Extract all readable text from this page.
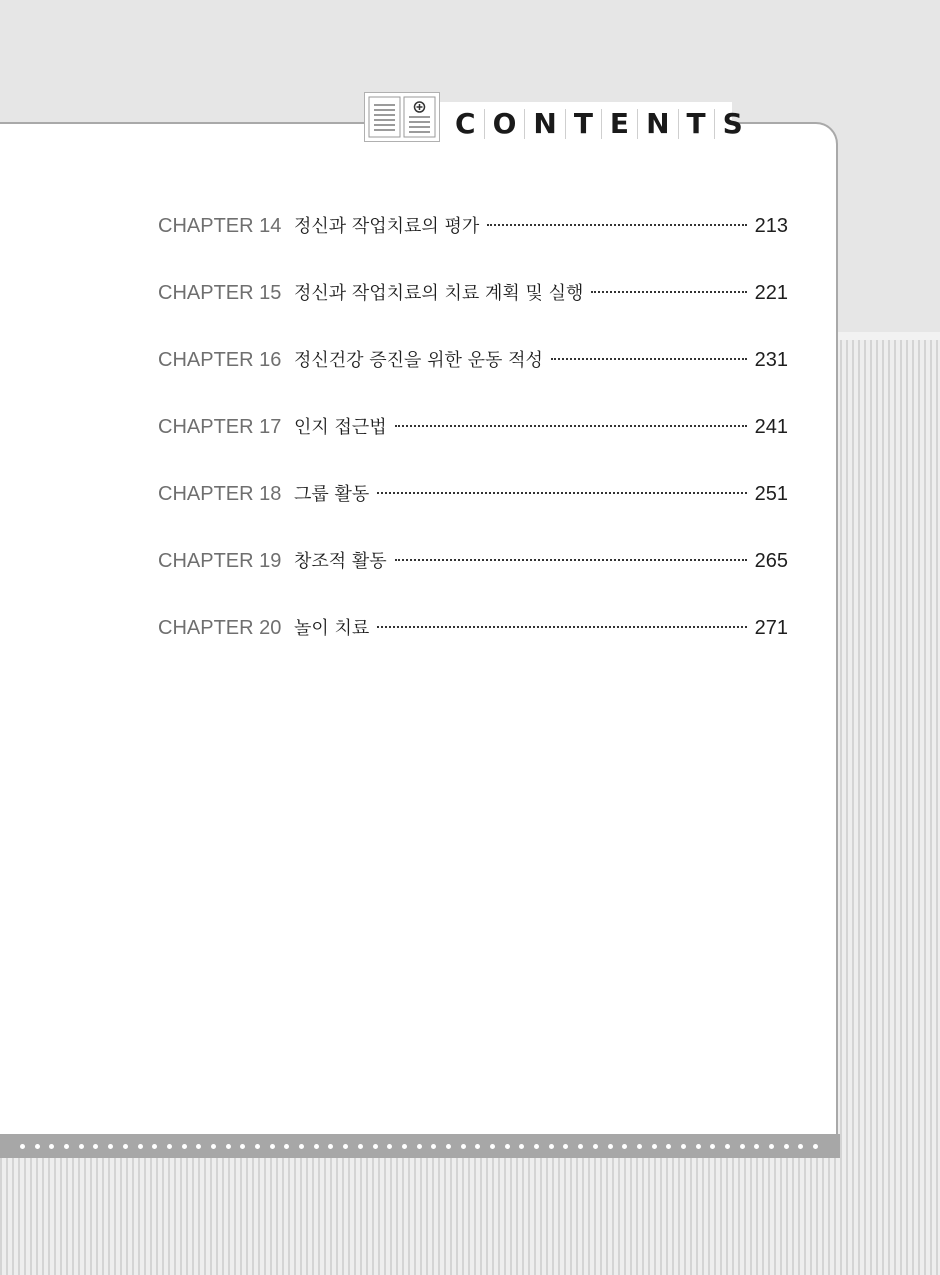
C O N T E N T S
CHAPTER 14 정신과 작업치료의 평가	213
CHAPTER 15 정신과 작업치료의 치료 계획 및 실행	221
CHAPTER 16 정신건강 증진을 위한 운동 적성	231
CHAPTER 17 인지 접근법	241
CHAPTER 18 그룹 활동	251
CHAPTER 19 창조적 활동	265
CHAPTER 20 놀이 치료	271
